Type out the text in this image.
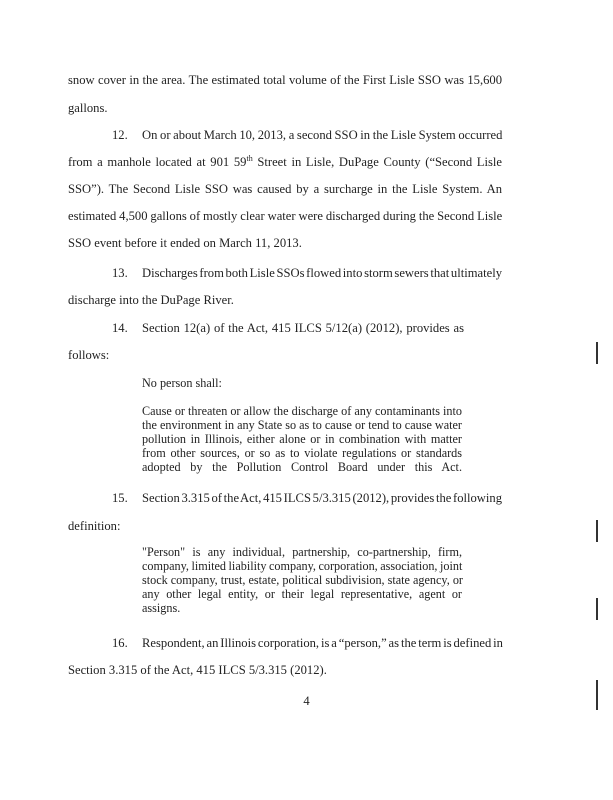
snow cover in the area. The estimated total volume of the First Lisle SSO was 15,600
gallons.
12. On or about March 10, 2013, a second SSO in the Lisle System occurred
from a manhole located at 901 59th Street in Lisle, DuPage County (“Second Lisle
SSO”). The Second Lisle SSO was caused by a surcharge in the Lisle System. An
estimated 4,500 gallons of mostly clear water were discharged during the Second Lisle
SSO event before it ended on March 11, 2013.
13. Discharges from both Lisle SSOs flowed into storm sewers that ultimately
discharge into the DuPage River.
14. Section 12(a) of the Act, 415 ILCS 5/12(a) (2012), provides as
follows:
No person shall:
Cause or threaten or allow the discharge of any contaminants into
the environment in any State so as to cause or tend to cause water
pollution in Illinois, either alone or in combination with matter
from other sources, or so as to violate regulations or standards
adopted by the Pollution Control Board under this Act.
15. Section 3.315 of the Act, 415 ILCS 5/3.315 (2012), provides the following
definition:
"Person" is any individual, partnership, co-partnership, firm,
company, limited liability company, corporation, association, joint
stock company, trust, estate, political subdivision, state agency, or
any other legal entity, or their legal representative, agent or
assigns.
16. Respondent, an Illinois corporation, is a “person,” as the term is defined in
Section 3.315 of the Act, 415 ILCS 5/3.315 (2012).
4
